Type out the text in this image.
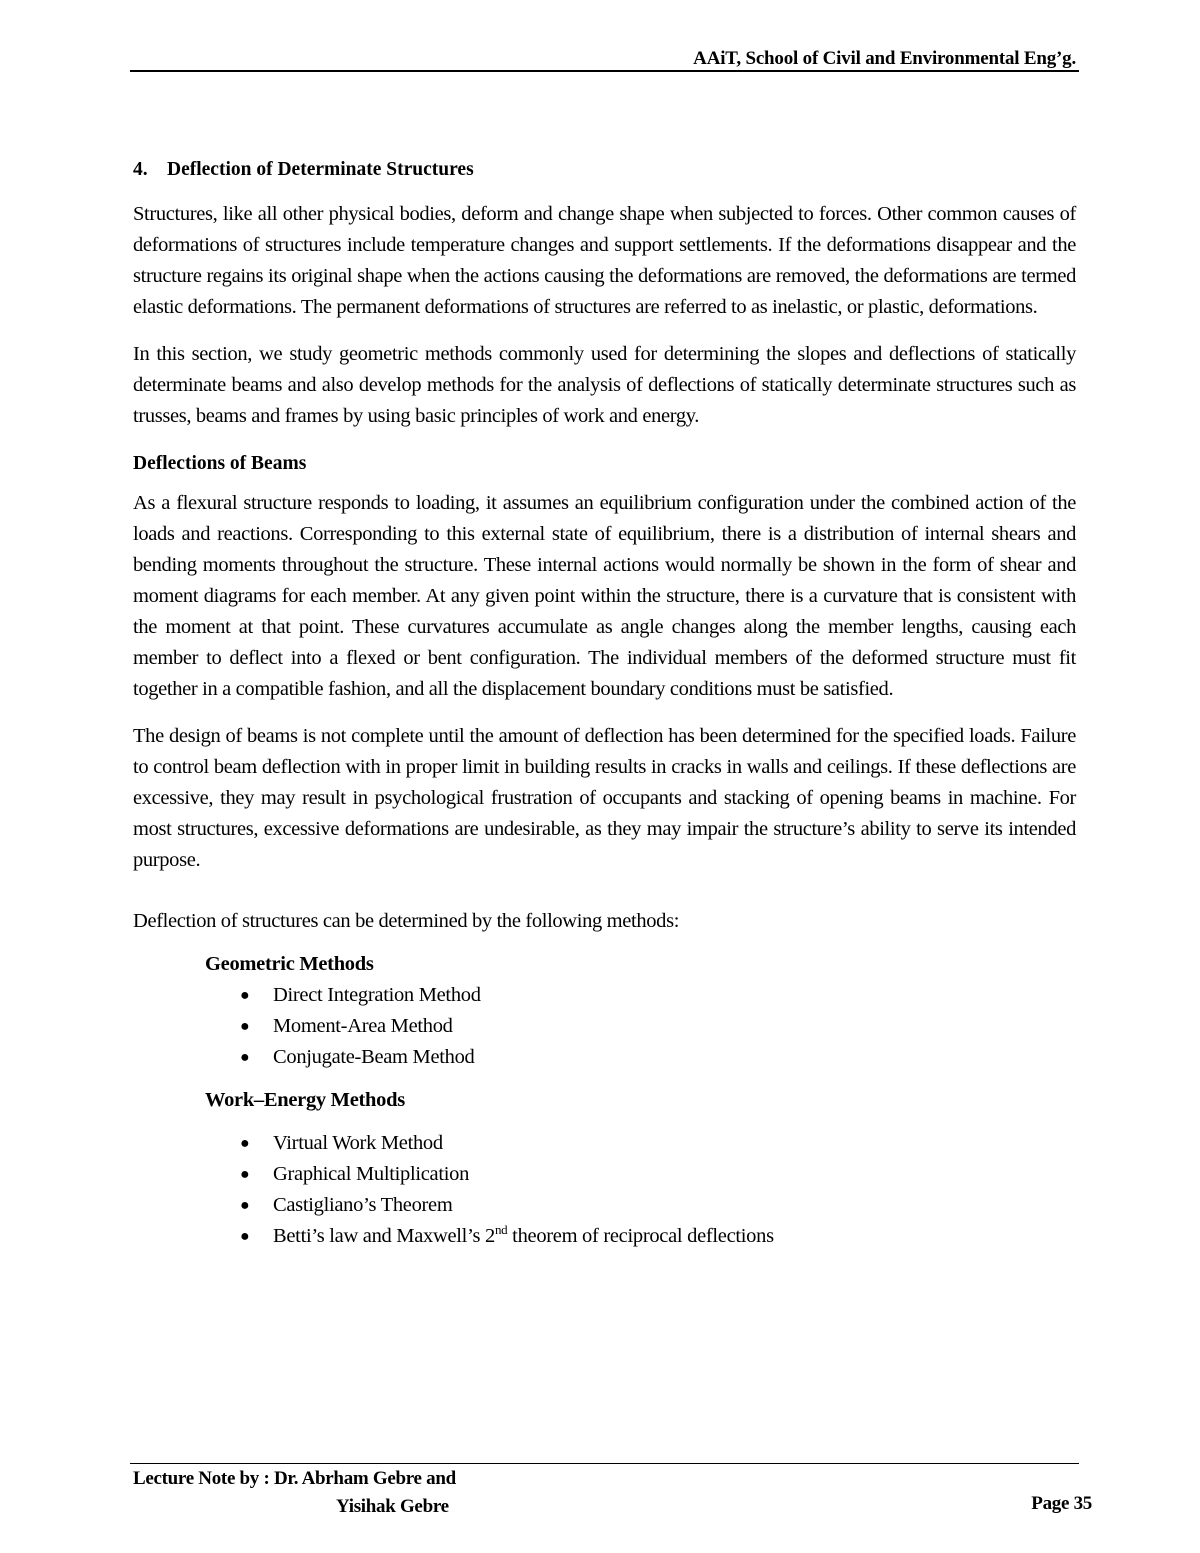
AAiT, School of Civil and Environmental Eng’g.
4. Deflection of Determinate Structures

Structures, like all other physical bodies, deform and change shape when subjected to forces. Other common causes of deformations of structures include temperature changes and support settlements. If the deformations disappear and the structure regains its original shape when the actions causing the deformations are removed, the deformations are termed elastic deformations. The permanent deformations of structures are referred to as inelastic, or plastic, deformations.

In this section, we study geometric methods commonly used for determining the slopes and deflections of statically determinate beams and also develop methods for the analysis of deflections of statically determinate structures such as trusses, beams and frames by using basic principles of work and energy.

Deflections of Beams

As a flexural structure responds to loading, it assumes an equilibrium configuration under the combined action of the loads and reactions. Corresponding to this external state of equilibrium, there is a distribution of internal shears and bending moments throughout the structure. These internal actions would normally be shown in the form of shear and moment diagrams for each member. At any given point within the structure, there is a curvature that is consistent with the moment at that point. These curvatures accumulate as angle changes along the member lengths, causing each member to deflect into a flexed or bent configuration. The individual members of the deformed structure must fit together in a compatible fashion, and all the displacement boundary conditions must be satisfied.

The design of beams is not complete until the amount of deflection has been determined for the specified loads. Failure to control beam deflection with in proper limit in building results in cracks in walls and ceilings. If these deflections are excessive, they may result in psychological frustration of occupants and stacking of opening beams in machine. For most structures, excessive deformations are undesirable, as they may impair the structure’s ability to serve its intended purpose.

Deflection of structures can be determined by the following methods:

Geometric Methods
● Direct Integration Method
● Moment-Area Method
● Conjugate-Beam Method
Work–Energy Methods
● Virtual Work Method
● Graphical Multiplication
● Castigliano’s Theorem
● Betti’s law and Maxwell’s 2nd theorem of reciprocal deflections
Lecture Note by : Dr. Abrham Gebre and
Yisihak Gebre	Page 35
